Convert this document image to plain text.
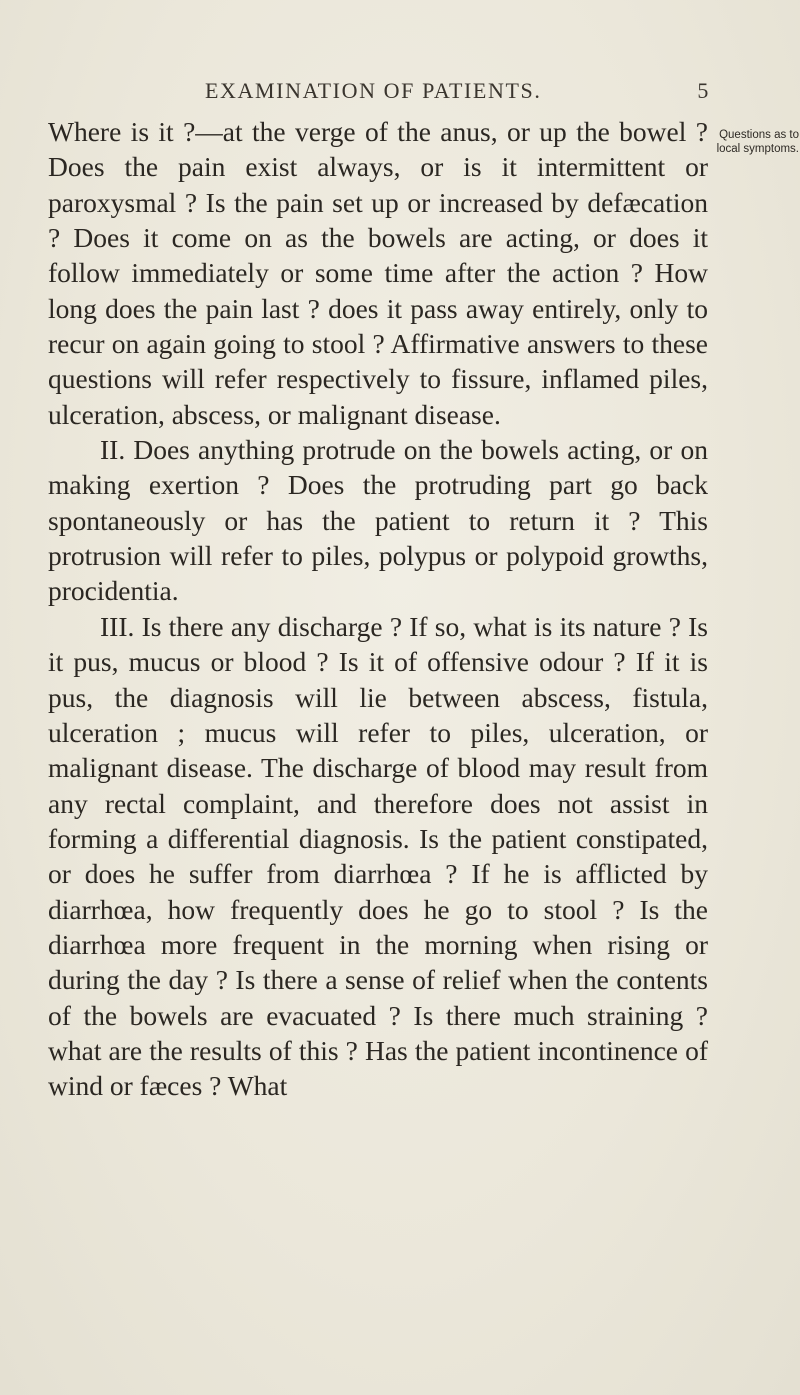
EXAMINATION OF PATIENTS.	5
Questions as to local symptoms.

Where is it ?—at the verge of the anus, or up the bowel ? Does the pain exist always, or is it intermittent or paroxysmal ? Is the pain set up or increased by defæcation ? Does it come on as the bowels are acting, or does it follow immediately or some time after the action ? How long does the pain last ? does it pass away entirely, only to recur on again going to stool ? Affirmative answers to these questions will refer respectively to fissure, inflamed piles, ulceration, abscess, or malignant disease.

II. Does anything protrude on the bowels acting, or on making exertion ? Does the protruding part go back spontaneously or has the patient to return it ? This protrusion will refer to piles, polypus or polypoid growths, procidentia.

III. Is there any discharge ? If so, what is its nature ? Is it pus, mucus or blood ? Is it of offensive odour ? If it is pus, the diagnosis will lie between abscess, fistula, ulceration ; mucus will refer to piles, ulceration, or malignant disease. The discharge of blood may result from any rectal complaint, and therefore does not assist in forming a differential diagnosis. Is the patient constipated, or does he suffer from diarrhœa ? If he is afflicted by diarrhœa, how frequently does he go to stool ? Is the diarrhœa more frequent in the morning when rising or during the day ? Is there a sense of relief when the contents of the bowels are evacuated ? Is there much straining ? what are the results of this ? Has the patient incontinence of wind or fæces ? What
